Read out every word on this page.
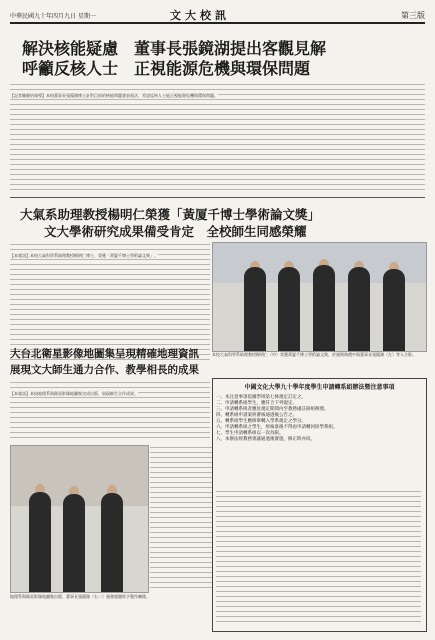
中華民國九十年四月九日 星期一	文大校訊	第三版
解決核能疑慮　董事長張鏡湖提出客觀見解
呼籲反核人士　正視能源危機與環保問題
【記者陳靜怡報導】本校董事長張鏡湖博士針對目前的核能問題發表看法，希望反核人士能正視能源危機與環保問題。
大氣系助理教授楊明仁榮獲「黃厦千博士學術論文獎」
文大學術研究成果備受肯定　全校師生同感榮耀
【本報訊】本校大氣科學系助理教授楊明仁博士，榮獲「黃厦千博士學術論文獎」。
本校大氣科學系助理教授楊明仁（中）榮獲黃厦千博士學術論文獎，於頒獎典禮中與董事長張鏡湖（左）等人合影。
大台北衛星影像地圖集呈現精確地理資訊
展現文大師生通力合作、教學相長的成果
【本報訊】本校地理系與衛星影像地圖集完成出版，展現師生合作成果。
地理系與衛星影像地圖集出版，董事長張鏡湖（右二）頒發感謝狀予製作團隊。
中國文化大學九十學年度學生申請轉系組辦法暨注意事項
一、本注意事項依據學則第七條規定訂定之。
二、申請轉系組學生，應符合下列規定。
三、申請轉系組者應於規定期間內至教務處註冊組辦理。
四、轉系組申請案經審核通過後公告之。
五、轉系組學生應修畢轉入學系規定之學分。
六、申請轉系組之學生，經核准後不得再申請轉回原學系組。
七、學生申請轉系組以一次為限。
八、本辦法經教務會議通過後實施，修正時亦同。
